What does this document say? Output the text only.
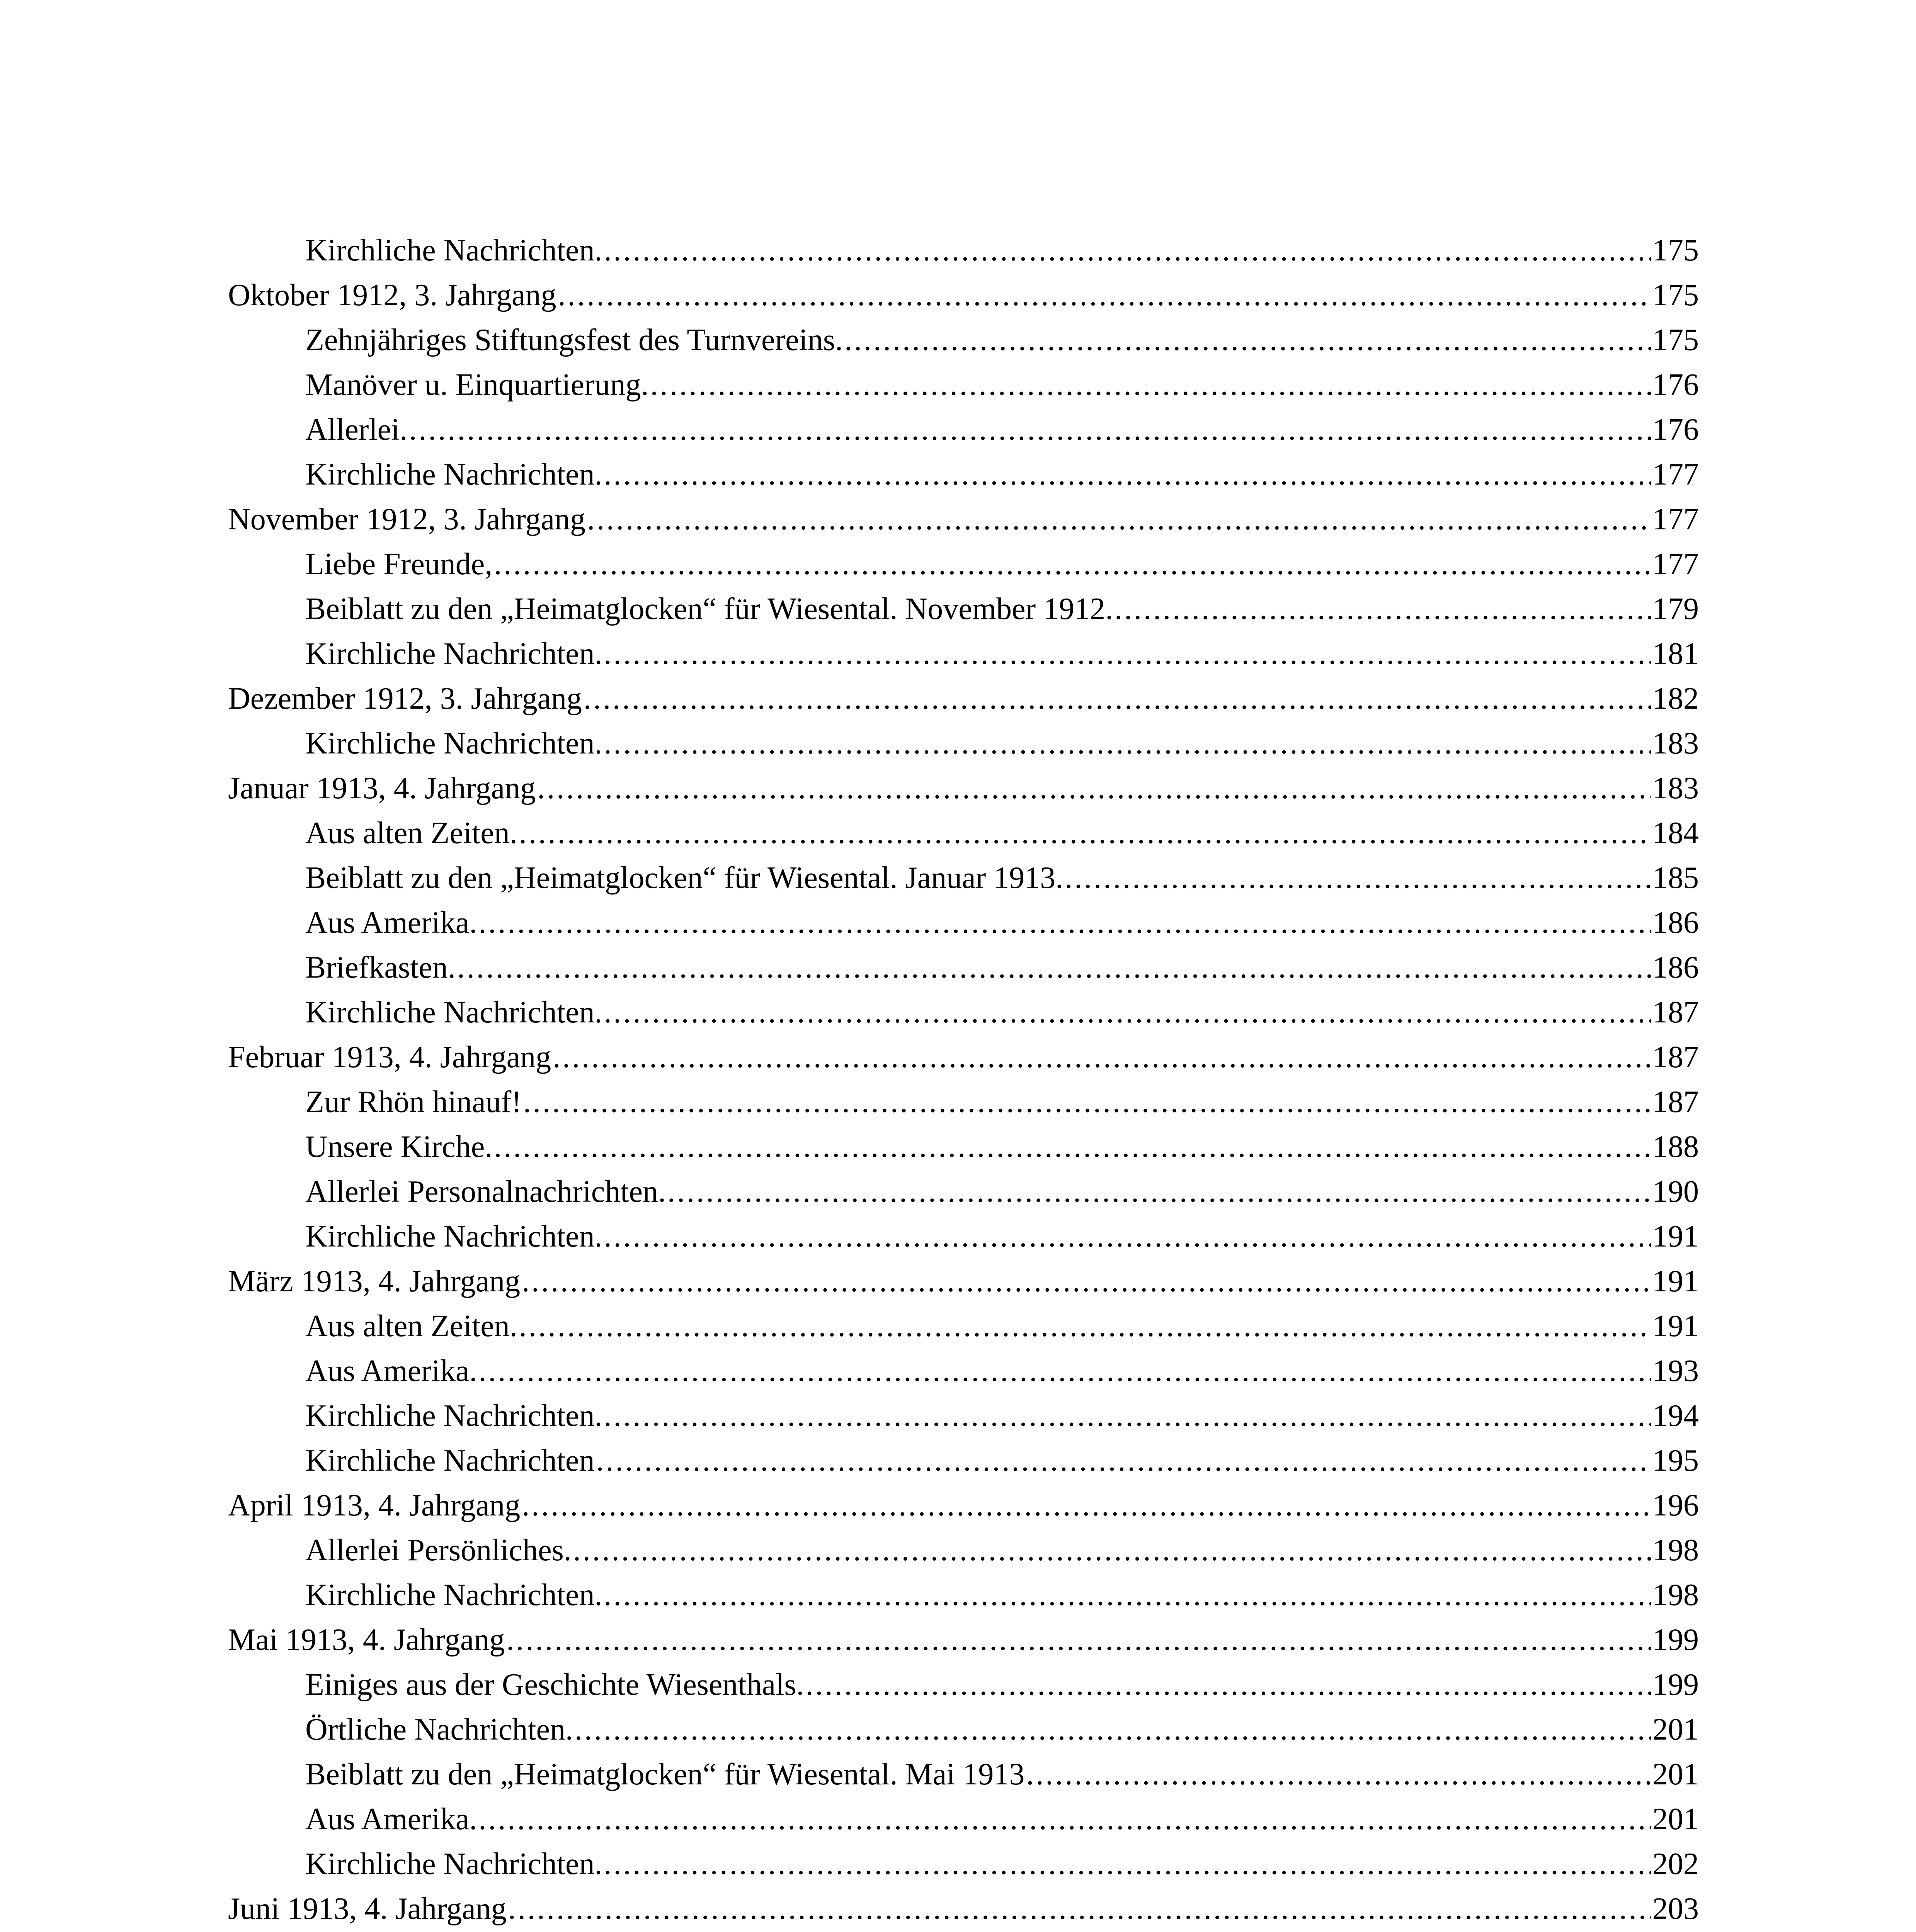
Kirchliche Nachrichten. .....	175
Oktober 1912, 3. Jahrgang .....	175
Zehnjähriges Stiftungsfest des Turnvereins. .....	175
Manöver u. Einquartierung. .....	176
Allerlei. .....	176
Kirchliche Nachrichten. .....	177
November 1912, 3. Jahrgang .....	177
Liebe Freunde, .....	177
Beiblatt zu den „Heimatglocken“ für Wiesental. November 1912. .....	179
Kirchliche Nachrichten. .....	181
Dezember 1912, 3. Jahrgang .....	182
Kirchliche Nachrichten. .....	183
Januar 1913, 4. Jahrgang .....	183
Aus alten Zeiten. .....	184
Beiblatt zu den „Heimatglocken“ für Wiesental. Januar 1913. .....	185
Aus Amerika. .....	186
Briefkasten. .....	186
Kirchliche Nachrichten. .....	187
Februar 1913, 4. Jahrgang .....	187
Zur Rhön hinauf! .....	187
Unsere Kirche. .....	188
Allerlei Personalnachrichten. .....	190
Kirchliche Nachrichten. .....	191
März 1913, 4. Jahrgang .....	191
Aus alten Zeiten. .....	191
Aus Amerika. .....	193
Kirchliche Nachrichten. .....	194
Kirchliche Nachrichten .....	195
April 1913, 4. Jahrgang .....	196
Allerlei Persönliches. .....	198
Kirchliche Nachrichten. .....	198
Mai 1913, 4. Jahrgang .....	199
Einiges aus der Geschichte Wiesenthals. .....	199
Örtliche Nachrichten. .....	201
Beiblatt zu den „Heimatglocken“ für Wiesental. Mai 1913 .....	201
Aus Amerika. .....	201
Kirchliche Nachrichten. .....	202
Juni 1913, 4. Jahrgang .....	203
.....
